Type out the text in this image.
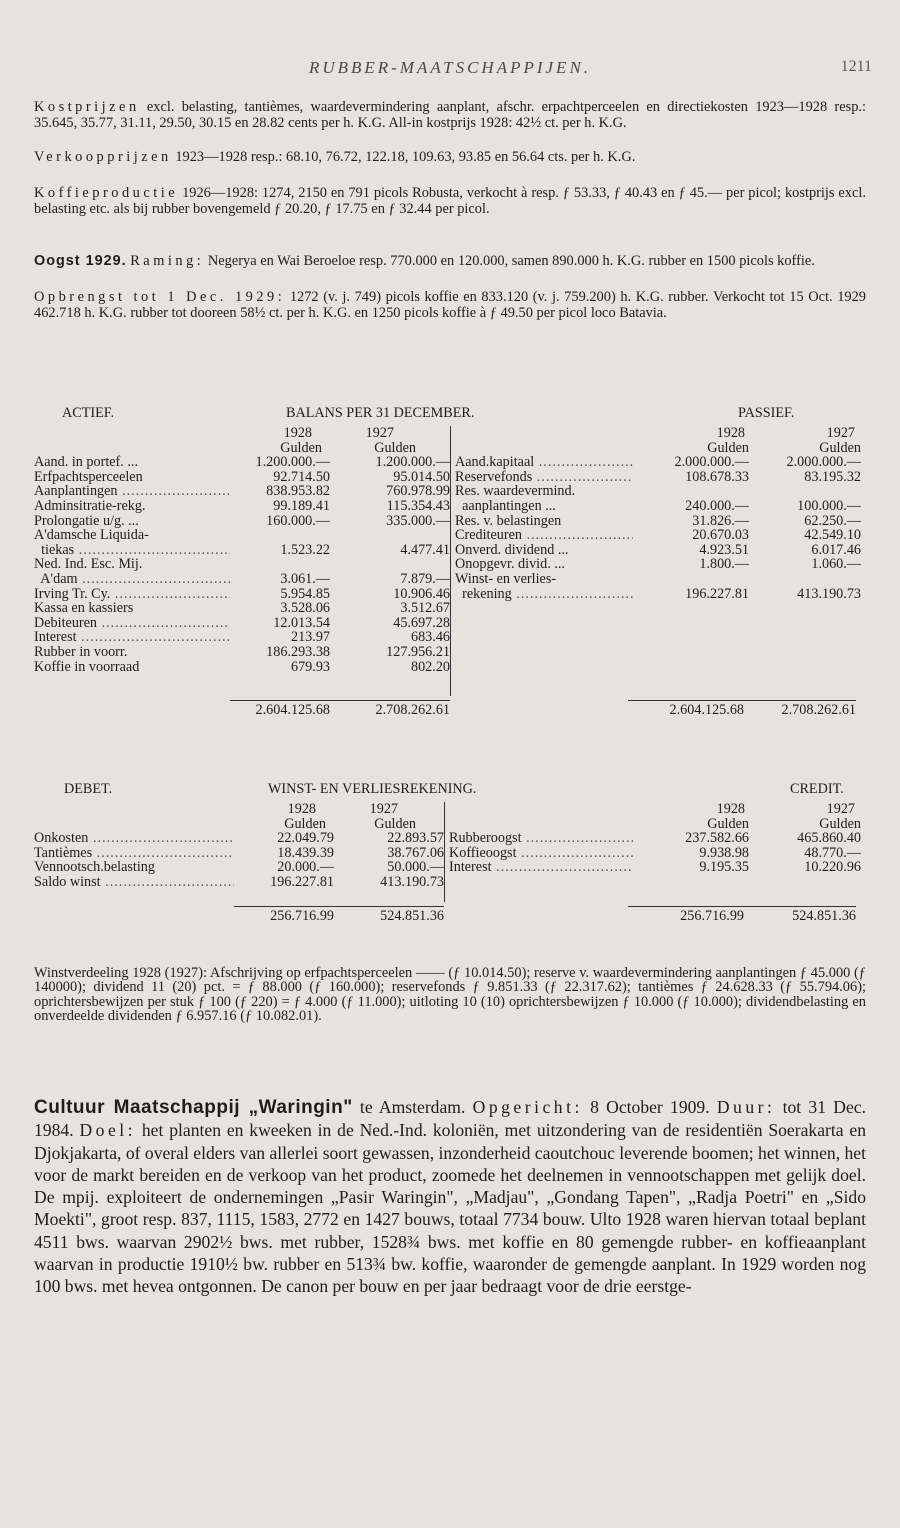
RUBBER-MAATSCHAPPIJEN.	1211

Kostprijzen excl. belasting, tantièmes, waardevermindering aanplant, afschr. erpachtperceelen en directiekosten 1923—1928 resp.: 35.645, 35.77, 31.11, 29.50, 30.15 en 28.82 cents per h. K.G. All-in kostprijs 1928: 42½ ct. per h. K.G.

Verkoopprijzen 1923—1928 resp.: 68.10, 76.72, 122.18, 109.63, 93.85 en 56.64 cts. per h. K.G.

Koffieproductie 1926—1928: 1274, 2150 en 791 picols Robusta, verkocht à resp. ƒ 53.33, ƒ 40.43 en ƒ 45.— per picol; kostprijs excl. belasting etc. als bij rubber bovengemeld ƒ 20.20, ƒ 17.75 en ƒ 32.44 per picol.

Oogst 1929. Raming: Negerya en Wai Beroeloe resp. 770.000 en 120.000, samen 890.000 h. K.G. rubber en 1500 picols koffie.

Opbrengst tot 1 Dec. 1929: 1272 (v. j. 749) picols koffie en 833.120 (v. j. 759.200) h. K.G. rubber. Verkocht tot 15 Oct. 1929 462.718 h. K.G. rubber tot dooreen 58½ ct. per h. K.G. en 1250 picols koffie à ƒ 49.50 per picol loco Batavia.

ACTIEF.	BALANS PER 31 DECEMBER.	PASSIEF.
1928	1927
Gulden	Gulden
Aand. in portef. ...	1.200.000.—	1.200.000.—
Erfpachtsperceelen	92.714.50	95.014.50
Aanplantingen .....	838.953.82	760.978.99
Adminsitratie-rekg.	99.189.41	115.354.43
Prolongatie u/g. ...	160.000.—	335.000.—
A'damsche Liquida-
tiekas .....	1.523.22	4.477.41
Ned. Ind. Esc. Mij.
A'dam .....	3.061.—	7.879.—
Irving Tr. Cy. .....	5.954.85	10.906.46
Kassa en kassiers	3.528.06	3.512.67
Debiteuren .....	12.013.54	45.697.28
Interest .....	213.97	683.46
Rubber in voorr.	186.293.38	127.956.21
Koffie in voorraad	679.93	802.20
1928	1927
Gulden	Gulden
Aand.kapitaal .....	2.000.000.—	2.000.000.—
Reservefonds .....	108.678.33	83.195.32
Res. waardevermind.
aanplantingen ...	240.000.—	100.000.—
Res. v. belastingen	31.826.—	62.250.—
Crediteuren .....	20.670.03	42.549.10
Onverd. dividend ...	4.923.51	6.017.46
Onopgevr. divid. ...	1.800.—	1.060.—
Winst- en verlies-
rekening .....	196.227.81	413.190.73
2.604.125.68	2.708.262.61	2.604.125.68	2.708.262.61
DEBET.	WINST- EN VERLIESREKENING.	CREDIT.
1928	1927
Gulden	Gulden
Onkosten .....	22.049.79	22.893.57
Tantièmes .....	18.439.39	38.767.06
Vennootsch.belasting	20.000.—	50.000.—
Saldo winst .....	196.227.81	413.190.73
1928	1927
Gulden	Gulden
Rubberoogst .....	237.582.66	465.860.40
Koffieoogst .....	9.938.98	48.770.—
Interest .....	9.195.35	10.220.96
256.716.99	524.851.36	256.716.99	524.851.36

Winstverdeeling 1928 (1927): Afschrijving op erfpachtsperceelen —— (ƒ 10.014.50); reserve v. waardevermindering aanplantingen ƒ 45.000 (ƒ 140000); dividend 11 (20) pct. = ƒ 88.000 (ƒ 160.000); reservefonds ƒ 9.851.33 (ƒ 22.317.62); tantièmes ƒ 24.628.33 (ƒ 55.794.06); oprichtersbewijzen per stuk ƒ 100 (ƒ 220) = ƒ 4.000 (ƒ 11.000); uitloting 10 (10) oprichtersbewijzen ƒ 10.000 (ƒ 10.000); dividendbelasting en onverdeelde dividenden ƒ 6.957.16 (ƒ 10.082.01).

Cultuur Maatschappij „Waringin" te Amsterdam. Opgericht: 8 October 1909. Duur: tot 31 Dec. 1984. Doel: het planten en kweeken in de Ned.-Ind. koloniën, met uitzondering van de residentiën Soerakarta en Djokjakarta, of overal elders van allerlei soort gewassen, inzonderheid caoutchouc leverende boomen; het winnen, het voor de markt bereiden en de verkoop van het product, zoomede het deelnemen in vennootschappen met gelijk doel. De mpij. exploiteert de ondernemingen „Pasir Waringin", „Madjau", „Gondang Tapen", „Radja Poetri" en „Sido Moekti", groot resp. 837, 1115, 1583, 2772 en 1427 bouws, totaal 7734 bouw. Ulto 1928 waren hiervan totaal beplant 4511 bws. waarvan 2902½ bws. met rubber, 1528¾ bws. met koffie en 80 gemengde rubber- en koffieaanplant waarvan in productie 1910½ bw. rubber en 513¾ bw. koffie, waaronder de gemengde aanplant. In 1929 worden nog 100 bws. met hevea ontgonnen. De canon per bouw en per jaar bedraagt voor de drie eerstge-
